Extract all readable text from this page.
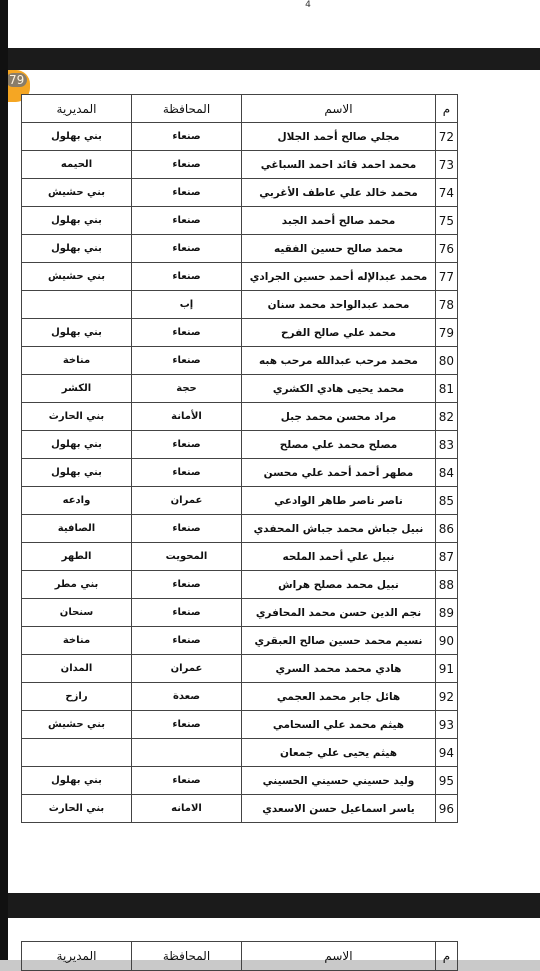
4
79
م	الاسم	المحافظة	المديرية
72	مجلي صالح أحمد الجلال	صنعاء	بني بهلول
73	محمد احمد قائد احمد السباغي	صنعاء	الحيمه
74	محمد خالد علي عاطف الأغربي	صنعاء	بني حشيش
75	محمد صالح أحمد الجبد	صنعاء	بني بهلول
76	محمد صالح حسين الفقيه	صنعاء	بني بهلول
77	محمد عبدالإله أحمد حسين الجرادي	صنعاء	بني حشيش
78	محمد عبدالواحد محمد سنان	إب	
79	محمد علي صالح الفرح	صنعاء	بني بهلول
80	محمد مرحب عبدالله مرحب هبه	صنعاء	مناخة
81	محمد يحيى هادي الكشري	حجة	الكشر
82	مراد محسن محمد جبل	الأمانة	بني الحارث
83	مصلح محمد علي مصلح	صنعاء	بني بهلول
84	مطهر أحمد أحمد علي محسن	صنعاء	بني بهلول
85	ناصر ناصر طاهر الوادعي	عمران	وادعه
86	نبيل جباش محمد جباش المحفدي	صنعاء	الصافية
87	نبيل علي أحمد الملحه	المحويت	الطهر
88	نبيل محمد مصلح هراش	صنعاء	بني مطر
89	نجم الدين حسن محمد المحافري	صنعاء	سنحان
90	نسيم محمد حسين صالح العبقري	صنعاء	مناخة
91	هادي محمد محمد السري	عمران	المدان
92	هائل جابر محمد العجمي	صعدة	رازح
93	هيثم محمد علي السحامي	صنعاء	بني حشيش
94	هيثم يحيى علي جمعان		
95	وليد حسيني حسيني الحسيني	صنعاء	بني بهلول
96	ياسر اسماعيل حسن الاسعدي	الامانه	بني الحارث
م	الاسم	المحافظة	المديرية
